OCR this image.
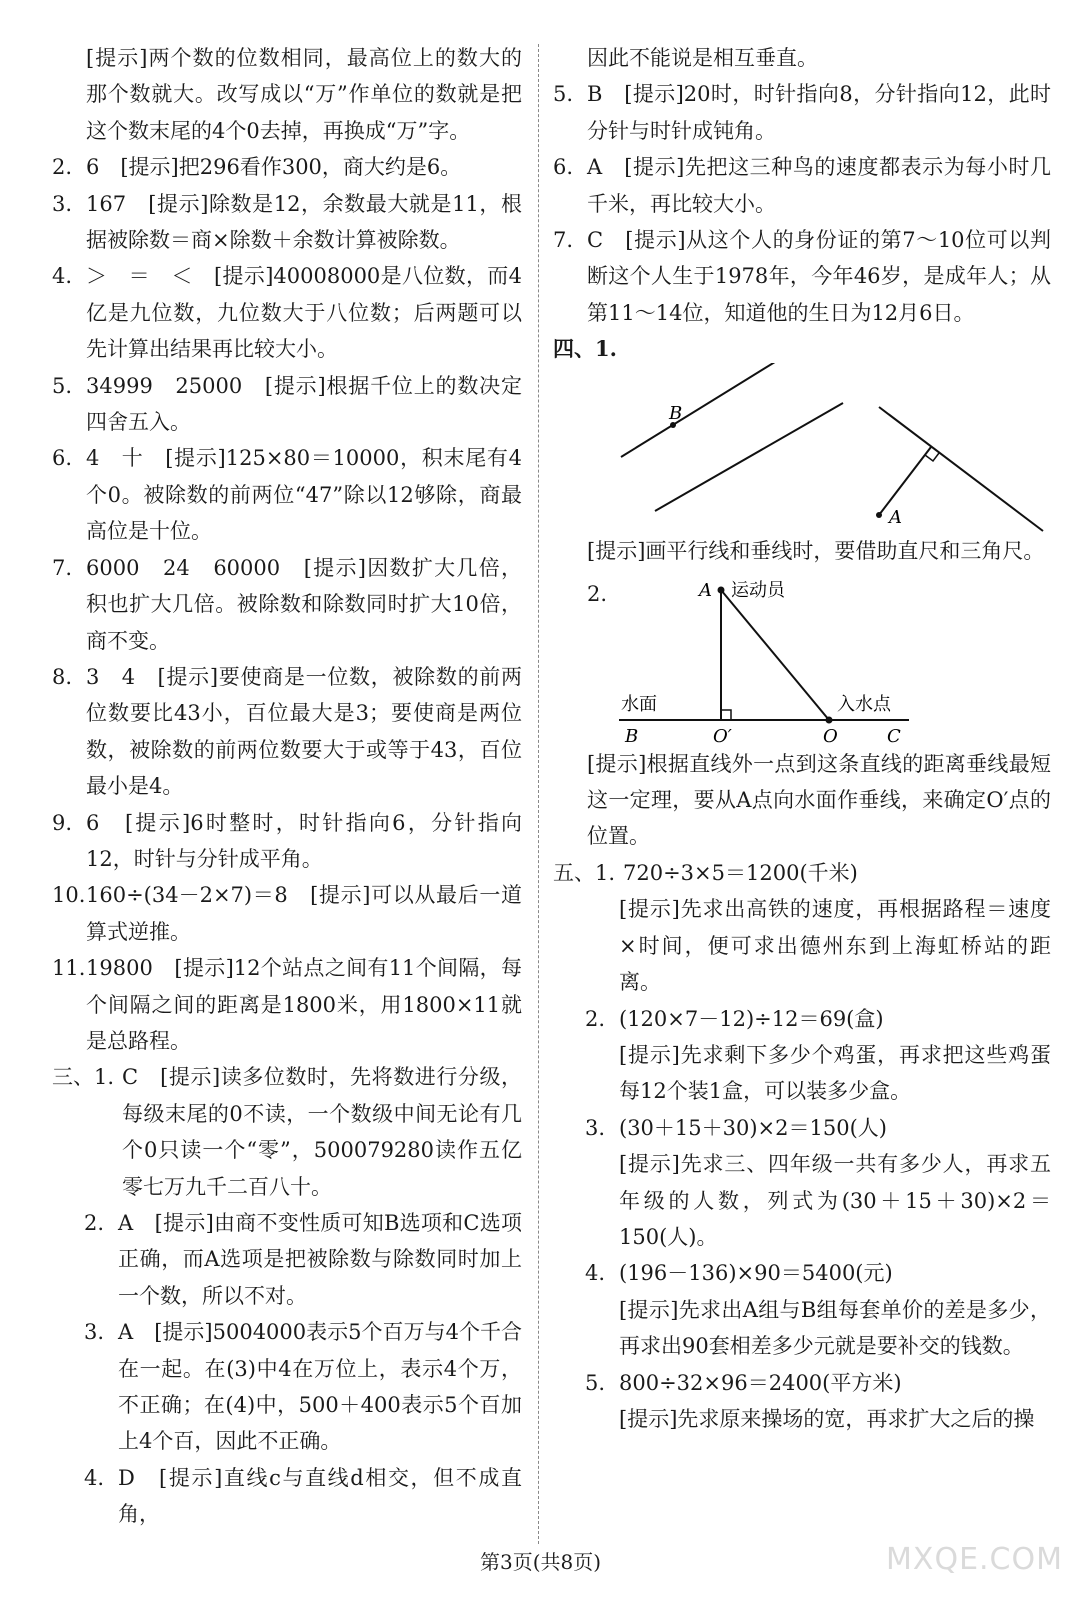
[提示]两个数的位数相同，最高位上的数大的那个数就大。改写成以“万”作单位的数就是把这个数末尾的4个0去掉，再换成“万”字。
2. 6　[提示]把296看作300，商大约是6。
3. 167　[提示]除数是12，余数最大就是11，根据被除数＝商×除数＋余数计算被除数。
4. ＞　＝　＜　[提示]40008000是八位数，而4亿是九位数，九位数大于八位数；后两题可以先计算出结果再比较大小。
5. 34999　25000　[提示]根据千位上的数决定四舍五入。
6. 4　十　[提示]125×80＝10000，积末尾有4个0。被除数的前两位“47”除以12够除，商最高位是十位。
7. 6000　24　60000　[提示]因数扩大几倍，积也扩大几倍。被除数和除数同时扩大10倍，商不变。
8. 3　4　[提示]要使商是一位数，被除数的前两位数要比43小，百位最大是3；要使商是两位数，被除数的前两位数要大于或等于43，百位最小是4。
9. 6　[提示]6时整时，时针指向6，分针指向12，时针与分针成平角。
10. 160÷(34－2×7)＝8　[提示]可以从最后一道算式逆推。
11. 19800　[提示]12个站点之间有11个间隔，每个间隔之间的距离是1800米，用1800×11就是总路程。
三、1. C　[提示]读多位数时，先将数进行分级，每级末尾的0不读，一个数级中间无论有几个0只读一个“零”，500079280读作五亿零七万九千二百八十。
2. A　[提示]由商不变性质可知B选项和C选项正确，而A选项是把被除数与除数同时加上一个数，所以不对。
3. A　[提示]5004000表示5个百万与4个千合在一起。在(3)中4在万位上，表示4个万，不正确；在(4)中，500＋400表示5个百加上4个百，因此不正确。
4. D　[提示]直线c与直线d相交，但不成直角，
因此不能说是相互垂直。
5. B　[提示]20时，时针指向8，分针指向12，此时分针与时针成钝角。
6. A　[提示]先把这三种鸟的速度都表示为每小时几千米，再比较大小。
7. C　[提示]从这个人的身份证的第7～10位可以判断这个人生于1978年，今年46岁，是成年人；从第11～14位，知道他的生日为12月6日。
四、1.
B
A
[提示]画平行线和垂线时，要借助直尺和三角尺。
2.	A 运动员
水面	入水点
B	O′	O	C
[提示]根据直线外一点到这条直线的距离垂线最短这一定理，要从A点向水面作垂线，来确定O′点的位置。
五、1. 720÷3×5＝1200(千米)
[提示]先求出高铁的速度，再根据路程＝速度×时间，便可求出德州东到上海虹桥站的距离。
2. (120×7－12)÷12＝69(盒)
[提示]先求剩下多少个鸡蛋，再求把这些鸡蛋每12个装1盒，可以装多少盒。
3. (30＋15＋30)×2＝150(人)
[提示]先求三、四年级一共有多少人，再求五年级的人数，列式为(30＋15＋30)×2＝150(人)。
4. (196－136)×90＝5400(元)
[提示]先求出A组与B组每套单价的差是多少，再求出90套相差多少元就是要补交的钱数。
5. 800÷32×96＝2400(平方米)
[提示]先求原来操场的宽，再求扩大之后的操
第3页(共8页)	MXQE.COM
